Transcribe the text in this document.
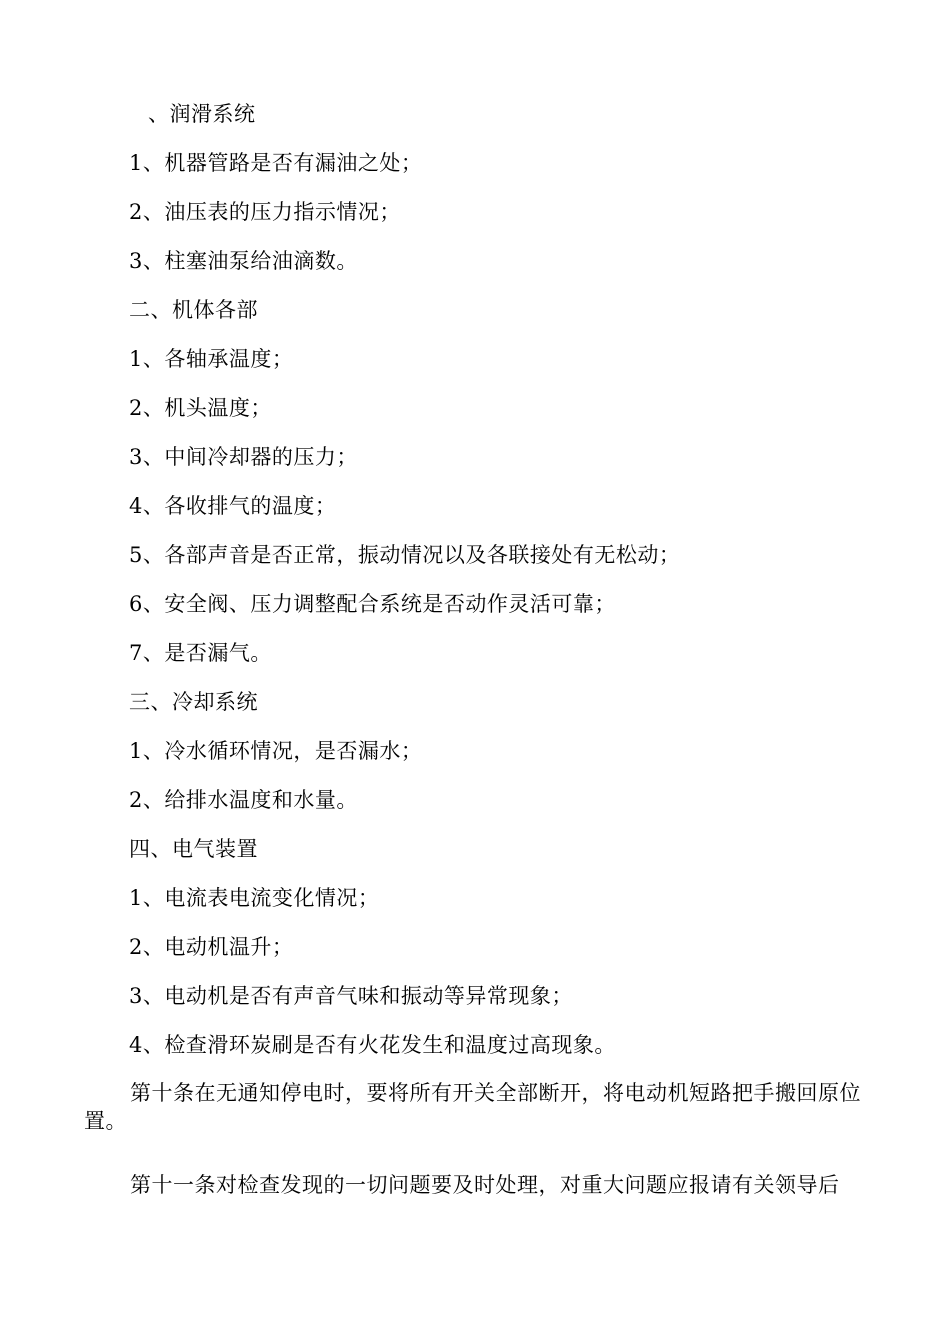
、润滑系统
1、机器管路是否有漏油之处；
2、油压表的压力指示情况；
3、柱塞油泵给油滴数。
二、机体各部
1、各轴承温度；
2、机头温度；
3、中间冷却器的压力；
4、各收排气的温度；
5、各部声音是否正常，振动情况以及各联接处有无松动；
6、安全阀、压力调整配合系统是否动作灵活可靠；
7、是否漏气。
三、冷却系统
1、冷水循环情况，是否漏水；
2、给排水温度和水量。
四、电气装置
1、电流表电流变化情况；
2、电动机温升；
3、电动机是否有声音气味和振动等异常现象；
4、检查滑环炭刷是否有火花发生和温度过高现象。
第十条在无通知停电时，要将所有开关全部断开，将电动机短路把手搬回原位置。
第十一条对检查发现的一切问题要及时处理，对重大问题应报请有关领导后
